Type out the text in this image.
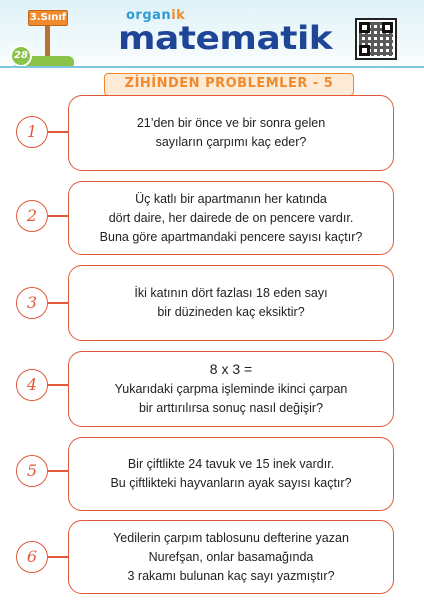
3.Sınıf
28
organik
matematik
ZİHİNDEN PROBLEMLER - 5
1	21’den bir önce ve bir sonra gelen
sayıların çarpımı kaç eder?
2
Üç katlı bir apartmanın her katında
dört daire, her dairede de on pencere vardır.
Buna göre apartmandaki pencere sayısı kaçtır?
3	İki katının dört fazlası 18 eden sayı
bir düzineden kaç eksiktir?
4
8 x 3 =
Yukarıdaki çarpma işleminde ikinci çarpan
bir arttırılırsa sonuç nasıl değişir?
5	Bir çiftlikte 24 tavuk ve 15 inek vardır.
Bu çiftlikteki hayvanların ayak sayısı kaçtır?
6
Yedilerin çarpım tablosunu defterine yazan
Nurefşan, onlar basamağında
3 rakamı bulunan kaç sayı yazmıştır?
